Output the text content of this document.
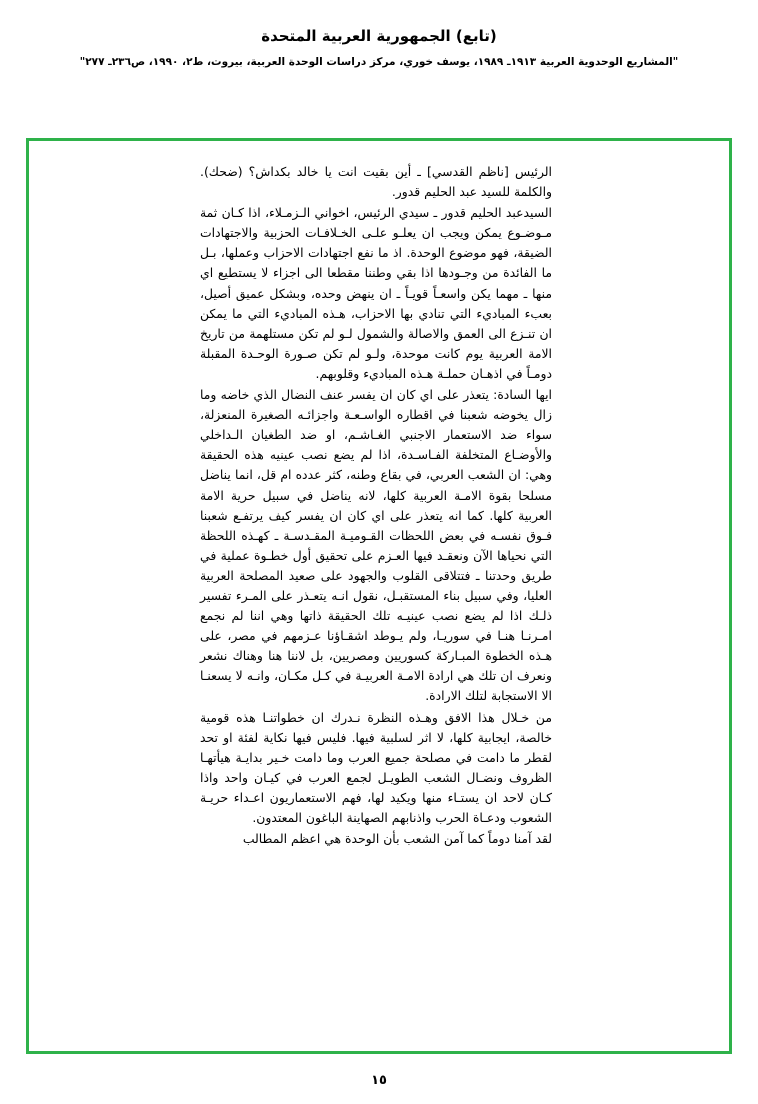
(تابع) الجمهورية العربية المتحدة
"المشاريع الوحدوية العربية ١٩١٣ـ ١٩٨٩، يوسف خوري، مركز دراسات الوحدة العربية، بيروت، ط٢، ١٩٩٠، ص٢٣٦ـ ٢٧٧"

الرئيس [ناظم القدسي] ـ أين بقيت انت يا خالد بكداش؟ (ضحك). والكلمة للسيد عبد الحليم قدور.

السيدعبد الحليم قدور ـ سيدي الرئيس، اخواني الـزمـلاء، اذا كـان ثمة مـوضـوع يمكن ويجب ان يعلـو علـى الخـلافـات الحزبية والاجتهادات الضيقة، فهو موضوع الوحدة. اذ ما نفع اجتهادات الاحزاب وعملها، بـل ما الفائدة من وجـودها اذا بقي وطننا مقطعا الى اجزاء لا يستطيع اي منها ـ مهما يكن واسعـاً قويـاً ـ ان ينهض وحده، وبشكل عميق أصيل، بعبء المباديء التي تنادي بها الاحزاب، هـذه المباديء التي ما يمكن ان تنـزع الى العمق والاصالة والشمول لـو لم تكن مستلهمة من تاريخ الامة العربية يوم كانت موحدة، ولـو لم تكن صـورة الوحـدة المقبلة دومـاً في اذهـان حملـة هـذه المباديء وقلوبهم.

ايها السادة: يتعذر على اي كان ان يفسر عنف النضال الذي خاضه وما زال يخوضه شعبنا في اقطاره الواسـعـة واجزائـه الصغيرة المنعزلة، سواء ضد الاستعمار الاجنبي الغـاشـم، او ضد الطغيان الـداخلي والأوضـاع المتخلفة الفـاسـدة، اذا لم يضع نصب عينيه هذه الحقيقة وهي: ان الشعب العربي، في بقاع وطنه، كثر عدده ام قل، انما يناضل مسلحا بقوة الامـة العربية كلها، لانه يناضل في سبيل حرية الامة العربية كلها. كما انه يتعذر على اي كان ان يفسر كيف يرتفـع شعبنا فـوق نفسـه في بعض اللحظات القـوميـة المقـدسـة ـ كهـذه اللحظة التي نحياها الآن ونعقـد فيها العـزم على تحقيق أول خطـوة عملية في طريق وحدتنا ـ فتتلاقى القلوب والجهود على صعيد المصلحة العربية العليا، وفي سبيل بناء المستقبـل، نقول انـه يتعـذر على المـرء تفسير ذلـك اذا لم يضع نصب عينيـه تلك الحقيقة ذاتها وهي اننا لم نجمع امـرنـا هنـا في سوريـا، ولم يـوطد اشقـاؤنا عـزمهم في مصر، على هـذه الخطوة المبـاركة كسوريين ومصريين، بل لاننا هنا وهناك نشعر ونعرف ان تلك هي ارادة الامـة العربيـة في كـل مكـان، وانـه لا يسعنـا الا الاستجابة لتلك الارادة.

من خـلال هذا الافق وهـذه النظرة نـدرك ان خطواتنـا هذه قومية خالصة، ايجابية كلها، لا اثر لسلبية فيها. فليس فيها نكاية لفئة او تحد لقطر ما دامت في مصلحة جميع العرب وما دامت خـير بدايـة هيأتهـا الظروف ونضـال الشعب الطويـل لجمع العرب في كيـان واحد واذا كـان لاحد ان يستـاء منها ويكيد لها، فهم الاستعماريون اعـداء حريـة الشعوب ودعـاة الحرب واذنابهم الصهاينة الباغون المعتدون.

لقد آمنا دوماً كما آمن الشعب بأن الوحدة هي اعظم المطالب

١٥
